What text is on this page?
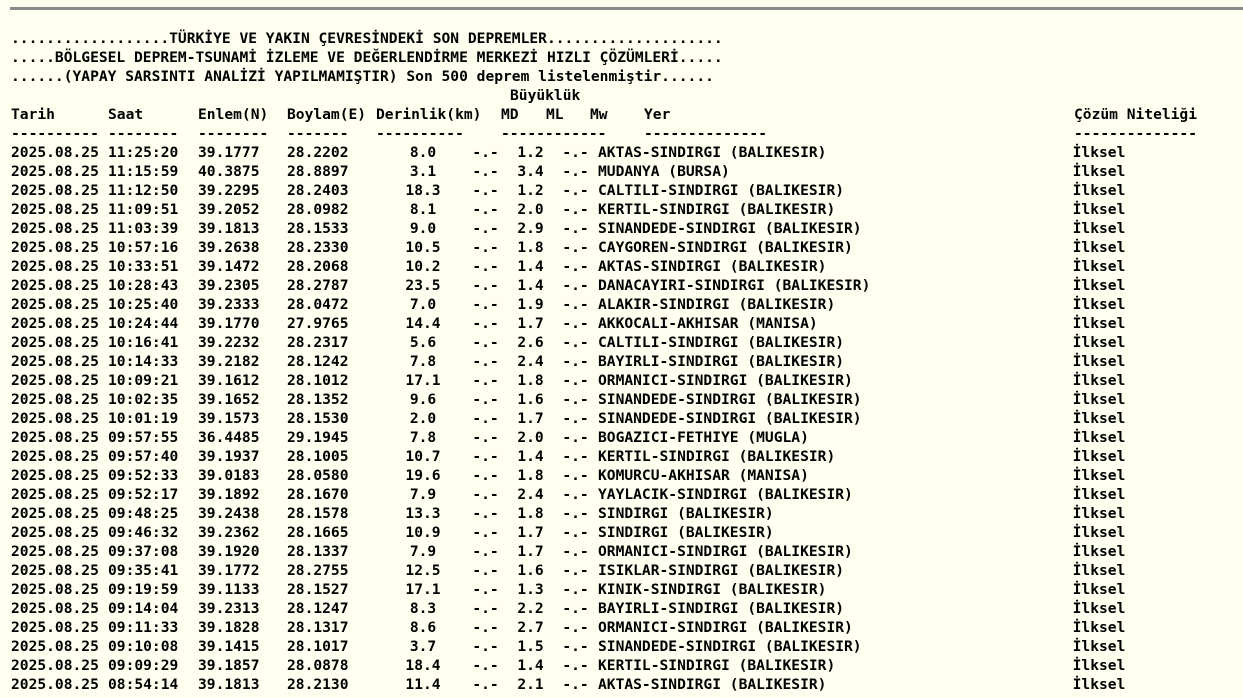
..................TÜRKİYE VE YAKIN ÇEVRESİNDEKİ SON DEPREMLER....................
.....BÖLGESEL DEPREM-TSUNAMİ İZLEME VE DEĞERLENDİRME MERKEZİ HIZLI ÇÖZÜMLERİ.....
......(YAPAY SARSINTI ANALİZİ YAPILMAMIŞTIR) Son 500 deprem listelenmiştir......
Büyüklük
Tarih	Saat	Enlem(N) Boylam(E) Derinlik(km) MD ML Mw Yer	Çözüm Niteliği
---------- -------- -------- ------- ----------	------------	--------------	--------------
2025.08.25 11:25:20 39.1777 28.2202	8.0 -.- 1.2 -.- AKTAS-SINDIRGI (BALIKESIR)	İlksel
2025.08.25 11:15:59 40.3875 28.8897	3.1 -.- 3.4 -.- MUDANYA (BURSA)	İlksel
2025.08.25 11:12:50 39.2295 28.2403	18.3 -.- 1.2 -.- CALTILI-SINDIRGI (BALIKESIR)	İlksel
2025.08.25 11:09:51 39.2052 28.0982	8.1 -.- 2.0 -.- KERTIL-SINDIRGI (BALIKESIR)	İlksel
2025.08.25 11:03:39 39.1813 28.1533	9.0 -.- 2.9 -.- SINANDEDE-SINDIRGI (BALIKESIR)	İlksel
2025.08.25 10:57:16 39.2638 28.2330	10.5 -.- 1.8 -.- CAYGOREN-SINDIRGI (BALIKESIR)	İlksel
2025.08.25 10:33:51 39.1472 28.2068	10.2 -.- 1.4 -.- AKTAS-SINDIRGI (BALIKESIR)	İlksel
2025.08.25 10:28:43 39.2305 28.2787	23.5 -.- 1.4 -.- DANACAYIRI-SINDIRGI (BALIKESIR)	İlksel
2025.08.25 10:25:40 39.2333 28.0472	7.0 -.- 1.9 -.- ALAKIR-SINDIRGI (BALIKESIR)	İlksel
2025.08.25 10:24:44 39.1770 27.9765	14.4 -.- 1.7 -.- AKKOCALI-AKHISAR (MANISA)	İlksel
2025.08.25 10:16:41 39.2232 28.2317	5.6 -.- 2.6 -.- CALTILI-SINDIRGI (BALIKESIR)	İlksel
2025.08.25 10:14:33 39.2182 28.1242	7.8 -.- 2.4 -.- BAYIRLI-SINDIRGI (BALIKESIR)	İlksel
2025.08.25 10:09:21 39.1612 28.1012	17.1 -.- 1.8 -.- ORMANICI-SINDIRGI (BALIKESIR)	İlksel
2025.08.25 10:02:35 39.1652 28.1352	9.6 -.- 1.6 -.- SINANDEDE-SINDIRGI (BALIKESIR)	İlksel
2025.08.25 10:01:19 39.1573 28.1530	2.0 -.- 1.7 -.- SINANDEDE-SINDIRGI (BALIKESIR)	İlksel
2025.08.25 09:57:55 36.4485 29.1945	7.8 -.- 2.0 -.- BOGAZICI-FETHIYE (MUGLA)	İlksel
2025.08.25 09:57:40 39.1937 28.1005	10.7 -.- 1.4 -.- KERTIL-SINDIRGI (BALIKESIR)	İlksel
2025.08.25 09:52:33 39.0183 28.0580	19.6 -.- 1.8 -.- KOMURCU-AKHISAR (MANISA)	İlksel
2025.08.25 09:52:17 39.1892 28.1670	7.9 -.- 2.4 -.- YAYLACIK-SINDIRGI (BALIKESIR)	İlksel
2025.08.25 09:48:25 39.2438 28.1578	13.3 -.- 1.8 -.- SINDIRGI (BALIKESIR)	İlksel
2025.08.25 09:46:32 39.2362 28.1665	10.9 -.- 1.7 -.- SINDIRGI (BALIKESIR)	İlksel
2025.08.25 09:37:08 39.1920 28.1337	7.9 -.- 1.7 -.- ORMANICI-SINDIRGI (BALIKESIR)	İlksel
2025.08.25 09:35:41 39.1772 28.2755	12.5 -.- 1.6 -.- ISIKLAR-SINDIRGI (BALIKESIR)	İlksel
2025.08.25 09:19:59 39.1133 28.1527	17.1 -.- 1.3 -.- KINIK-SINDIRGI (BALIKESIR)	İlksel
2025.08.25 09:14:04 39.2313 28.1247	8.3 -.- 2.2 -.- BAYIRLI-SINDIRGI (BALIKESIR)	İlksel
2025.08.25 09:11:33 39.1828 28.1317	8.6 -.- 2.7 -.- ORMANICI-SINDIRGI (BALIKESIR)	İlksel
2025.08.25 09:10:08 39.1415 28.1017	3.7 -.- 1.5 -.- SINANDEDE-SINDIRGI (BALIKESIR)	İlksel
2025.08.25 09:09:29 39.1857 28.0878	18.4 -.- 1.4 -.- KERTIL-SINDIRGI (BALIKESIR)	İlksel
2025.08.25 08:54:14 39.1813 28.2130	11.4 -.- 2.1 -.- AKTAS-SINDIRGI (BALIKESIR)	İlksel
